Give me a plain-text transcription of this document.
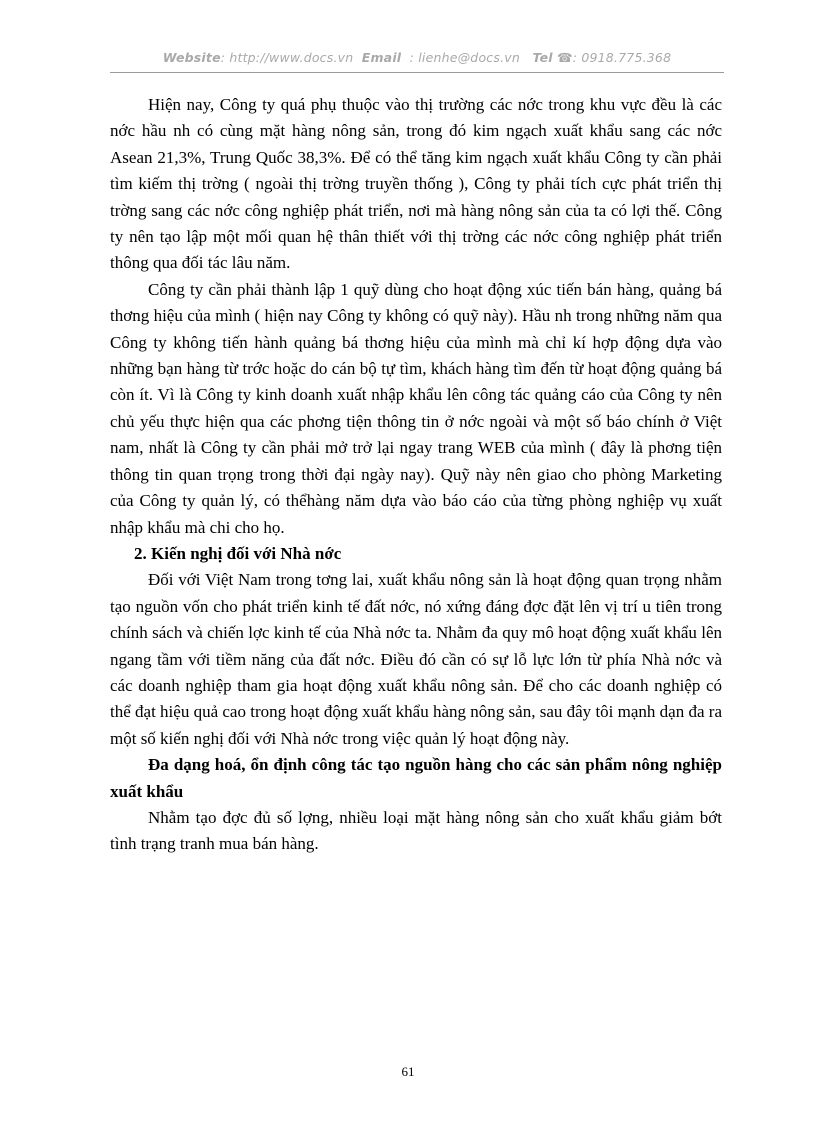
Website: http://www.docs.vn Email : lienhe@docs.vn Tel ☎: 0918.775.368

Hiện nay, Công ty quá phụ thuộc vào thị trường các nớc trong khu vực đều là các nớc hầu nh có cùng mặt hàng nông sản, trong đó kim ngạch xuất khẩu sang các nớc Asean 21,3%, Trung Quốc 38,3%. Để có thể tăng kim ngạch xuất khẩu Công ty cần phải tìm kiếm thị trờng ( ngoài thị trờng truyền thống ), Công ty phải tích cực phát triển thị trờng sang các nớc công nghiệp phát triển, nơi mà hàng nông sản của ta có lợi thế. Công ty nên tạo lập một mối quan hệ thân thiết với thị trờng các nớc công nghiệp phát triển thông qua đối tác lâu năm.

Công ty cần phải thành lập 1 quỹ dùng cho hoạt động xúc tiến bán hàng, quảng bá thơng hiệu của mình ( hiện nay Công ty không có quỹ này). Hầu nh trong những năm qua Công ty không tiến hành quảng bá thơng hiệu của mình mà chỉ kí hợp động dựa vào những bạn hàng từ trớc hoặc do cán bộ tự tìm, khách hàng tìm đến từ hoạt động quảng bá còn ít. Vì là Công ty kinh doanh xuất nhập khẩu lên công tác quảng cáo của Công ty nên chủ yếu thực hiện qua các phơng tiện thông tin ở nớc ngoài và một số báo chính ở Việt nam, nhất là Công ty cần phải mở trở lại ngay trang WEB của mình ( đây là phơng tiện thông tin quan trọng trong thời đại ngày nay). Quỹ này nên giao cho phòng Marketing của Công ty quản lý, có thểhàng năm dựa vào báo cáo của từng phòng nghiệp vụ xuất nhập khẩu mà chi cho họ.

2. Kiến nghị đối với Nhà nớc

Đối với Việt Nam trong tơng lai, xuất khẩu nông sản là hoạt động quan trọng nhằm tạo nguồn vốn cho phát triển kinh tế đất nớc, nó xứng đáng đợc đặt lên vị trí u tiên trong chính sách và chiến lợc kinh tế của Nhà nớc ta. Nhằm đa quy mô hoạt động xuất khẩu lên ngang tầm với tiềm năng của đất nớc. Điều đó cần có sự lỗ lực lớn từ phía Nhà nớc và các doanh nghiệp tham gia hoạt động xuất khẩu nông sản. Để cho các doanh nghiệp có thể đạt hiệu quả cao trong hoạt động xuất khẩu hàng nông sản, sau đây tôi mạnh dạn đa ra một số kiến nghị đối với Nhà nớc trong việc quản lý hoạt động này.

Đa dạng hoá, ổn định công tác tạo nguồn hàng cho các sản phẩm nông nghiệp xuất khẩu

Nhằm tạo đợc đủ số lợng, nhiều loại mặt hàng nông sản cho xuất khẩu giảm bớt tình trạng tranh mua bán hàng.

61
